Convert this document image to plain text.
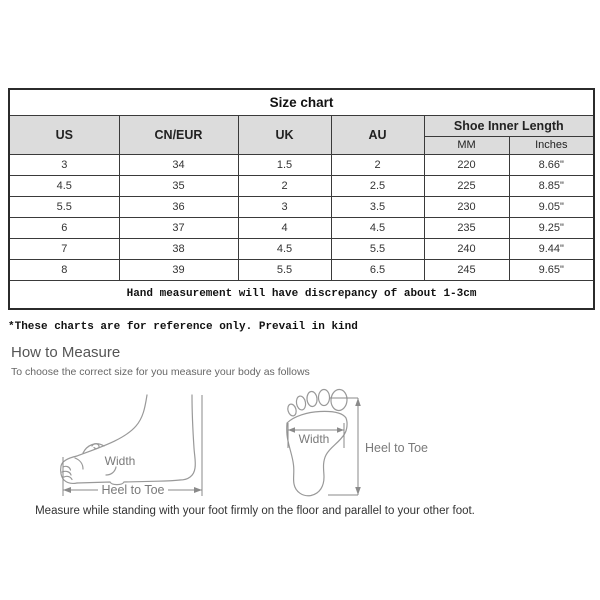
Size chart					
US	CN/EUR	UK	AU	Shoe Inner Length	
				MM	Inches
3	34	1.5	2	220	8.66"
4.5	35	2	2.5	225	8.85"
5.5	36	3	3.5	230	9.05"
6	37	4	4.5	235	9.25"
7	38	4.5	5.5	240	9.44"
8	39	5.5	6.5	245	9.65"
Hand measurement will have discrepancy of about 1-3cm					
*These charts are for reference only. Prevail in kind
How to Measure
To choose the correct size for you measure your body as follows
Width
Heel to Toe
Width
Heel to Toe
Measure while standing with your foot firmly on the floor and parallel to your other foot.
